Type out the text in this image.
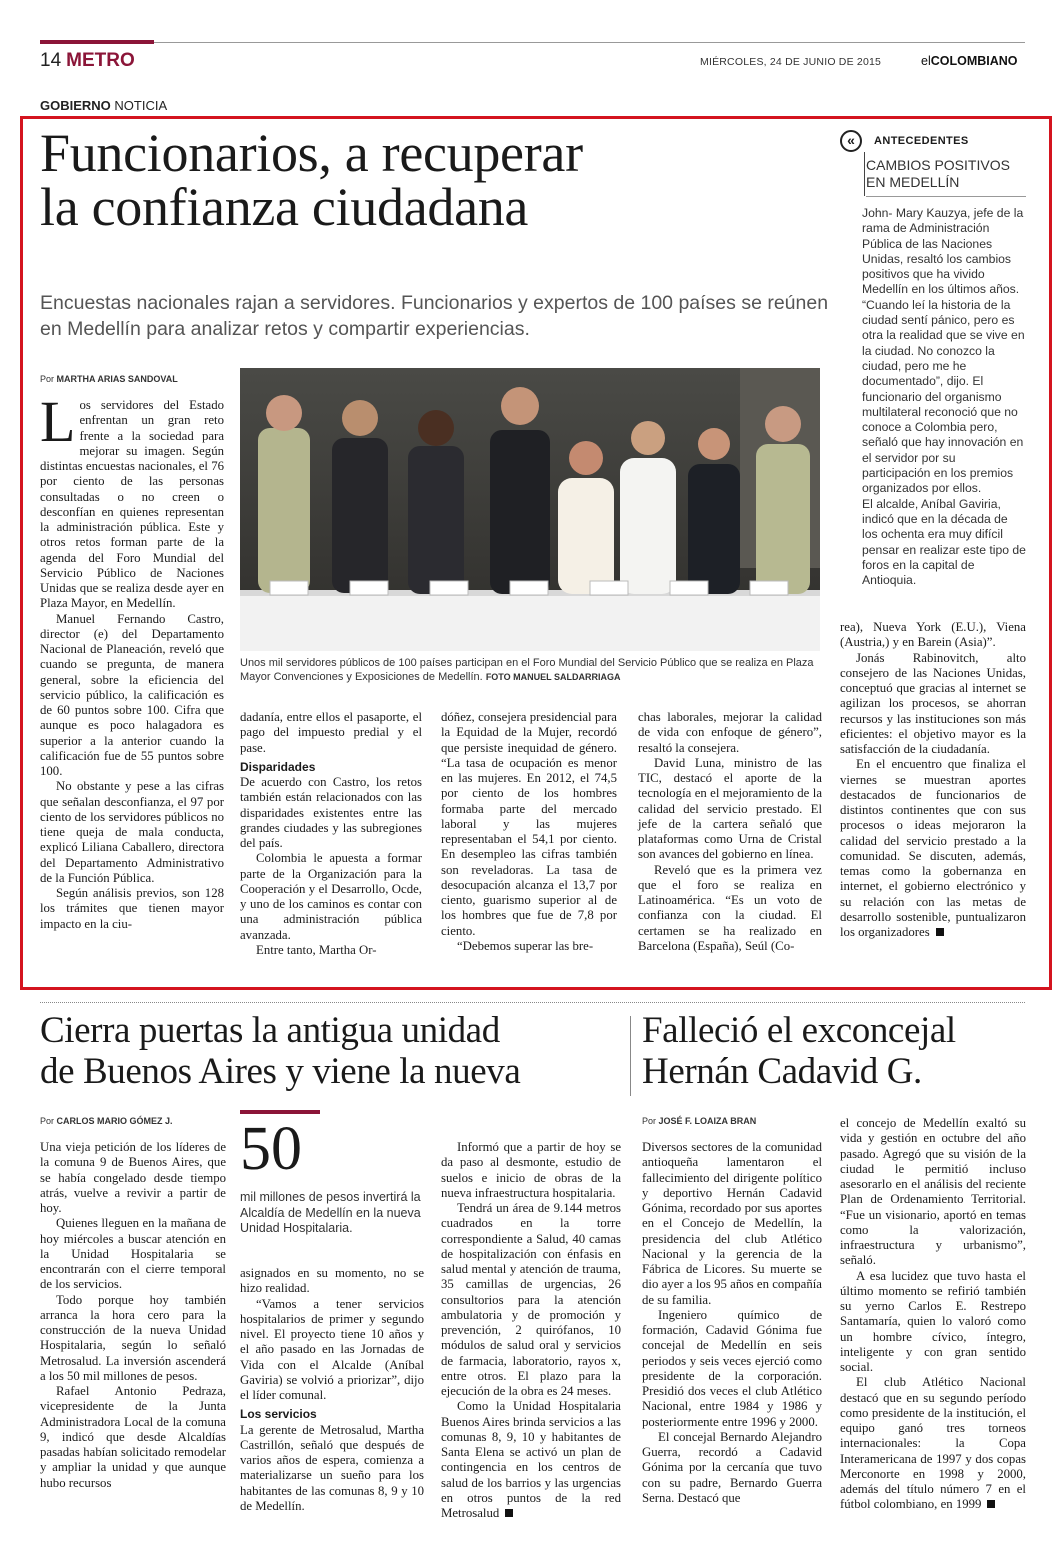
14 METRO	MIÉRCOLES, 24 DE JUNIO DE 2015	elCOLOMBIANO
GOBIERNO NOTICIA
Funcionarios, a recuperar
la confianza ciudadana
Encuestas nacionales rajan a servidores. Funcionarios y expertos de 100 países se reúnen en Medellín para analizar retos y compartir experiencias.
Por MARTHA ARIAS SANDOVAL

Los servidores del Estado enfrentan un gran reto frente a la sociedad para mejorar su imagen. Según distintas encuestas nacionales, el 76 por ciento de las personas consultadas o no creen o desconfían en quienes representan la administración pública. Este y otros retos forman parte de la agenda del Foro Mundial del Servicio Público de Naciones Unidas que se realiza desde ayer en Plaza Mayor, en Medellín.

Manuel Fernando Castro, director (e) del Departamento Nacional de Planeación, reveló que cuando se pregunta, de manera general, sobre la eficiencia del servicio público, la calificación es de 60 puntos sobre 100. Cifra que aunque es poco halagadora es superior a la anterior cuando la calificación fue de 55 puntos sobre 100.

No obstante y pese a las cifras que señalan desconfianza, el 97 por ciento de los servidores públicos no tiene queja de mala conducta, explicó Liliana Caballero, directora del Departamento Administrativo de la Función Pública.

Según análisis previos, son 128 los trámites que tienen mayor impacto en la ciu-

Unos mil servidores públicos de 100 países participan en el Foro Mundial del Servicio Público que se realiza en Plaza Mayor Convenciones y Exposiciones de Medellín. FOTO MANUEL SALDARRIAGA

dadanía, entre ellos el pasaporte, el pago del impuesto predial y el pase.

Disparidades

De acuerdo con Castro, los retos también están relacionados con las disparidades existentes entre las grandes ciudades y las subregiones del país.

Colombia le apuesta a formar parte de la Organización para la Cooperación y el Desarrollo, Ocde, y uno de los caminos es contar con una administración pública avanzada.

Entre tanto, Martha Or-

dóñez, consejera presidencial para la Equidad de la Mujer, recordó que persiste inequidad de género. “La tasa de ocupación es menor en las mujeres. En 2012, el 74,5 por ciento de los hombres formaba parte del mercado laboral y las mujeres representaban el 54,1 por ciento. En desempleo las cifras también son reveladoras. La tasa de desocupación alcanza el 13,7 por ciento, guarismo superior al de los hombres que fue de 7,8 por ciento.

“Debemos superar las bre-

chas laborales, mejorar la calidad de vida con enfoque de género”, resaltó la consejera.

David Luna, ministro de las TIC, destacó el aporte de la tecnología en el mejoramiento de la calidad del servicio prestado. El jefe de la cartera señaló que plataformas como Urna de Cristal son avances del gobierno en línea.

Reveló que es la primera vez que el foro se realiza en Latinoamérica. “Es un voto de confianza con la ciudad. El certamen se ha realizado en Barcelona (España), Seúl (Co-

rea), Nueva York (E.U.), Viena (Austria,) y en Barein (Asia)”.

Jonás Rabinovitch, alto consejero de las Naciones Unidas, conceptuó que gracias al internet se agilizan los procesos, se ahorran recursos y las instituciones son más eficientes: el objetivo mayor es la satisfacción de la ciudadanía.

En el encuentro que finaliza el viernes se muestran aportes destacados de funcionarios de distintos continentes que con sus procesos o ideas mejoraron la calidad del servicio prestado a la comunidad. Se discuten, además, temas como la gobernanza en internet, el gobierno electrónico y su relación con las metas de desarrollo sostenible, puntualizaron los organizadores

«	ANTECEDENTES
CAMBIOS POSITIVOS EN MEDELLÍN
John- Mary Kauzya, jefe de la rama de Administración Pública de las Naciones Unidas, resaltó los cambios positivos que ha vivido Medellín en los últimos años. “Cuando leí la historia de la ciudad sentí pánico, pero es otra la realidad que se vive en la ciudad. No conozco la ciudad, pero me he documentado”, dijo. El funcionario del organismo multilateral reconoció que no conoce a Colombia pero, señaló que hay innovación en el servidor por su participación en los premios organizados por ellos.
El alcalde, Aníbal Gaviria, indicó que en la década de los ochenta era muy difícil pensar en realizar este tipo de foros en la capital de Antioquia.
Cierra puertas la antigua unidad
de Buenos Aires y viene la nueva
Por CARLOS MARIO GÓMEZ J.

Una vieja petición de los líderes de la comuna 9 de Buenos Aires, que se había congelado desde tiempo atrás, vuelve a revivir a partir de hoy.

Quienes lleguen en la mañana de hoy miércoles a buscar atención en la Unidad Hospitalaria se encontrarán con el cierre temporal de los servicios.

Todo porque hoy también arranca la hora cero para la construcción de la nueva Unidad Hospitalaria, según lo señaló Metrosalud. La inversión ascenderá a los 50 mil millones de pesos.

Rafael Antonio Pedraza, vicepresidente de la Junta Administradora Local de la comuna 9, indicó que desde Alcaldías pasadas habían solicitado remodelar y ampliar la unidad y que aunque hubo recursos

50
mil millones de pesos invertirá la Alcaldía de Medellín en la nueva Unidad Hospitalaria.

asignados en su momento, no se hizo realidad.

“Vamos a tener servicios hospitalarios de primer y segundo nivel. El proyecto tiene 10 años y el año pasado en las Jornadas de Vida con el Alcalde (Aníbal Gaviria) se volvió a priorizar”, dijo el líder comunal.

Los servicios

La gerente de Metrosalud, Martha Castrillón, señaló que después de varios años de espera, comienza a materializarse un sueño para los habitantes de las comunas 8, 9 y 10 de Medellín.

Informó que a partir de hoy se da paso al desmonte, estudio de suelos e inicio de obras de la nueva infraestructura hospitalaria.

Tendrá un área de 9.144 metros cuadrados en la torre correspondiente a Salud, 40 camas de hospitalización con énfasis en salud mental y atención de trauma, 35 camillas de urgencias, 26 consultorios para la atención ambulatoria y de promoción y prevención, 2 quirófanos, 10 módulos de salud oral y servicios de farmacia, laboratorio, rayos x, entre otros. El plazo para la ejecución de la obra es 24 meses.

Como la Unidad Hospitalaria Buenos Aires brinda servicios a las comunas 8, 9, 10 y habitantes de Santa Elena se activó un plan de contingencia en los centros de salud de los barrios y las urgencias en otros puntos de la red Metrosalud

Falleció el exconcejal
Hernán Cadavid G.
Por JOSÉ F. LOAIZA BRAN

Diversos sectores de la comunidad antioqueña lamentaron el fallecimiento del dirigente político y deportivo Hernán Cadavid Gónima, recordado por sus aportes en el Concejo de Medellín, la presidencia del club Atlético Nacional y la gerencia de la Fábrica de Licores. Su muerte se dio ayer a los 95 años en compañía de su familia.

Ingeniero químico de formación, Cadavid Gónima fue concejal de Medellín en seis periodos y seis veces ejerció como presidente de la corporación. Presidió dos veces el club Atlético Nacional, entre 1984 y 1986 y posteriormente entre 1996 y 2000.

El concejal Bernardo Alejandro Guerra, recordó a Cadavid Gónima por la cercanía que tuvo con su padre, Bernardo Guerra Serna. Destacó que

el concejo de Medellín exaltó su vida y gestión en octubre del año pasado. Agregó que su visión de la ciudad le permitió incluso asesorarlo en el análisis del reciente Plan de Ordenamiento Territorial. “Fue un visionario, aportó en temas como la valorización, infraestructura y urbanismo”, señaló.

A esa lucidez que tuvo hasta el último momento se refirió también su yerno Carlos E. Restrepo Santamaría, quien lo valoró como un hombre cívico, íntegro, inteligente y con gran sentido social.

El club Atlético Nacional destacó que en su segundo período como presidente de la institución, el equipo ganó tres torneos internacionales: la Copa Interamericana de 1997 y dos copas Merconorte en 1998 y 2000, además del título número 7 en el fútbol colombiano, en 1999
